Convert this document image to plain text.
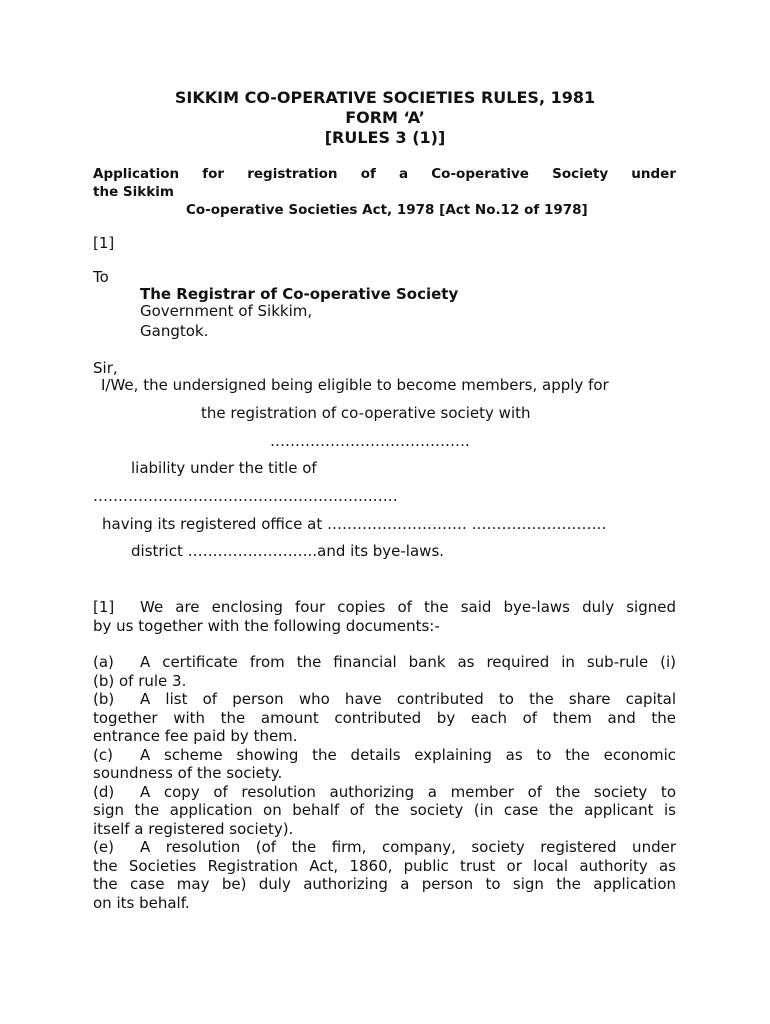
SIKKIM CO-OPERATIVE SOCIETIES RULES, 1981
FORM ‘A’
[RULES 3 (1)]
Application for registration of a Co-operative Society under
the Sikkim
Co-operative Societies Act, 1978 [Act No.12 of 1978]
[1]
To
The Registrar of Co-operative Society
Government of Sikkim,
Gangtok.
Sir,
I/We, the undersigned being eligible to become members, apply for
the registration of co-operative society with
………………………………….
liability under the title of
……………………………………………….……
having its registered office at ………………………. ………………………
district ……………………..and its bye-laws.
[1] We are enclosing four copies of the said bye-laws duly signed
by us together with the following documents:-
(a) A certificate from the financial bank as required in sub-rule (i)
(b) of rule 3.
(b) A list of person who have contributed to the share capital
together with the amount contributed by each of them and the
entrance fee paid by them.
(c) A scheme showing the details explaining as to the economic
soundness of the society.
(d) A copy of resolution authorizing a member of the society to
sign the application on behalf of the society (in case the applicant is
itself a registered society).
(e) A resolution (of the firm, company, society registered under
the Societies Registration Act, 1860, public trust or local authority as
the case may be) duly authorizing a person to sign the application
on its behalf.
